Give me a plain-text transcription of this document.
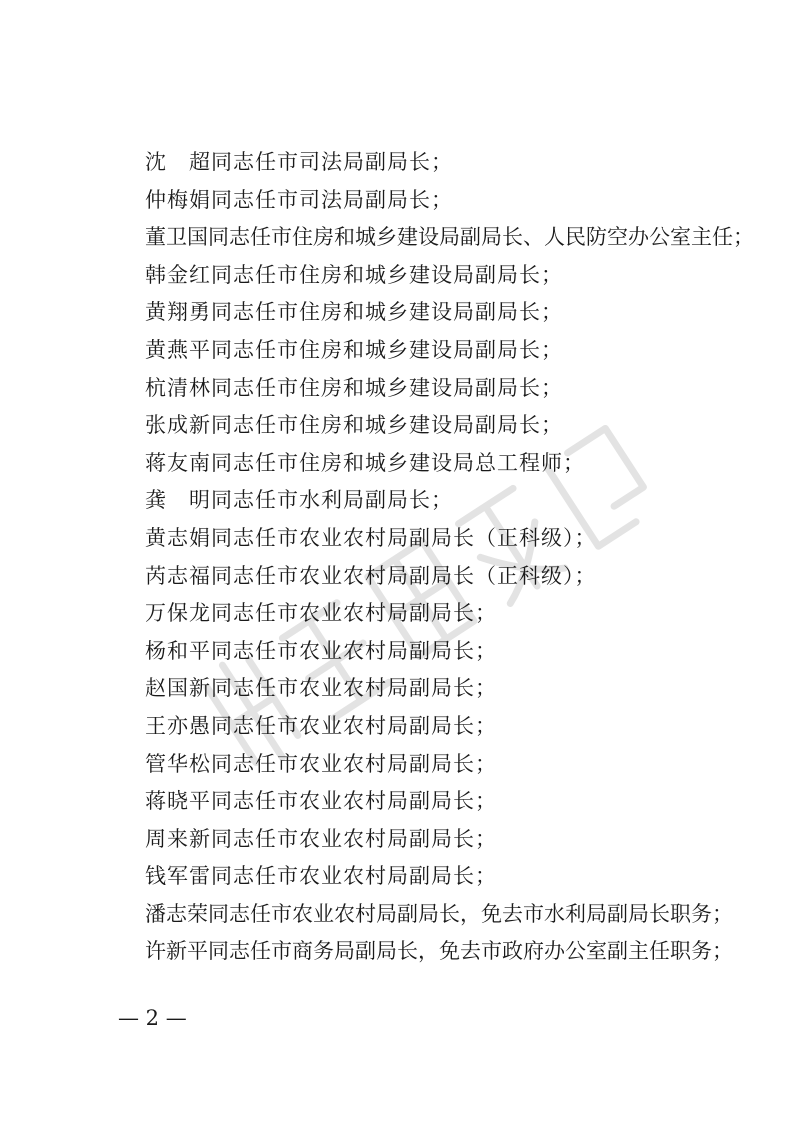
沈　超同志任市司法局副局长；
仲梅娟同志任市司法局副局长；
董卫国同志任市住房和城乡建设局副局长、人民防空办公室主任；
韩金红同志任市住房和城乡建设局副局长；
黄翔勇同志任市住房和城乡建设局副局长；
黄燕平同志任市住房和城乡建设局副局长；
杭清林同志任市住房和城乡建设局副局长；
张成新同志任市住房和城乡建设局副局长；
蒋友南同志任市住房和城乡建设局总工程师；
龚　明同志任市水利局副局长；
黄志娟同志任市农业农村局副局长（正科级）；
芮志福同志任市农业农村局副局长（正科级）；
万保龙同志任市农业农村局副局长；
杨和平同志任市农业农村局副局长；
赵国新同志任市农业农村局副局长；
王亦愚同志任市农业农村局副局长；
管华松同志任市农业农村局副局长；
蒋晓平同志任市农业农村局副局长；
周来新同志任市农业农村局副局长；
钱军雷同志任市农业农村局副局长；
潘志荣同志任市农业农村局副局长，免去市水利局副局长职务；
许新平同志任市商务局副局长，免去市政府办公室副主任职务；
— 2 —
